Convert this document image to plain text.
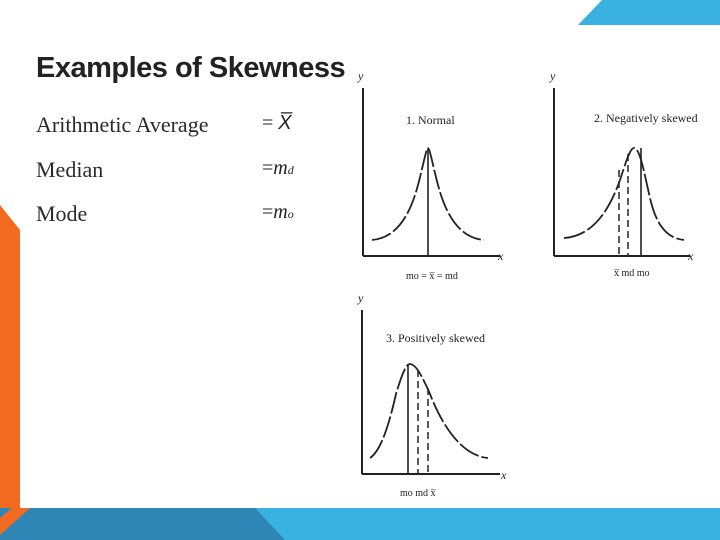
Examples of Skewness
Arithmetic Average	= X̅
Median	=md
Mode	=mo
y
x
1. Normal
mo = x̅ = md
y
x
2. Negatively skewed
x̅ md mo
y
x
3. Positively skewed
mo md x̅
